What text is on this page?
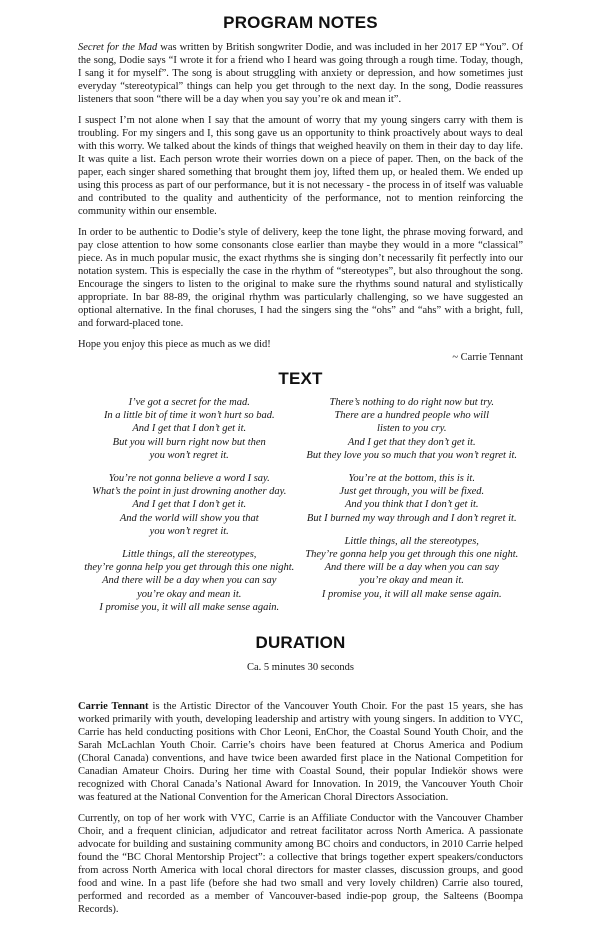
PROGRAM NOTES

Secret for the Mad was written by British songwriter Dodie, and was included in her 2017 EP “You”. Of the song, Dodie says “I wrote it for a friend who I heard was going through a rough time. Today, though, I sang it for myself”. The song is about struggling with anxiety or depression, and how sometimes just everyday “stereotypical” things can help you get through to the next day. In the song, Dodie reassures listeners that soon “there will be a day when you say you’re ok and mean it”.

I suspect I’m not alone when I say that the amount of worry that my young singers carry with them is troubling. For my singers and I, this song gave us an opportunity to think proactively about ways to deal with this worry. We talked about the kinds of things that weighed heavily on them in their day to day life. It was quite a list. Each person wrote their worries down on a piece of paper. Then, on the back of the paper, each singer shared something that brought them joy, lifted them up, or healed them. We ended up using this process as part of our performance, but it is not necessary - the process in of itself was valuable and contributed to the quality and authenticity of the performance, not to mention reinforcing the community within our ensemble.

In order to be authentic to Dodie’s style of delivery, keep the tone light, the phrase moving forward, and pay close attention to how some consonants close earlier than maybe they would in a more “classical” piece. As in much popular music, the exact rhythms she is singing don’t necessarily fit perfectly into our notation system. This is especially the case in the rhythm of “stereotypes”, but also throughout the song. Encourage the singers to listen to the original to make sure the rhythms sound natural and stylistically appropriate. In bar 88-89, the original rhythm was particularly challenging, so we have suggested an optional alternative. In the final choruses, I had the singers sing the “ohs” and “ahs” with a bright, full, and forward-placed tone.

Hope you enjoy this piece as much as we did!

~ Carrie Tennant

TEXT
I’ve got a secret for the mad.
In a little bit of time it won’t hurt so bad.
And I get that I don’t get it.
But you will burn right now but then
you won’t regret it.
You’re not gonna believe a word I say.
What’s the point in just drowning another day.
And I get that I don’t get it.
And the world will show you that
you won’t regret it.
Little things, all the stereotypes,
they’re gonna help you get through this one night.
And there will be a day when you can say
you’re okay and mean it.
I promise you, it will all make sense again.
There’s nothing to do right now but try.
There are a hundred people who will
listen to you cry.
And I get that they don’t get it.
But they love you so much that you won’t regret it.
You’re at the bottom, this is it.
Just get through, you will be fixed.
And you think that I don’t get it.
But I burned my way through and I don’t regret it.
Little things, all the stereotypes,
They’re gonna help you get through this one night.
And there will be a day when you can say
you’re okay and mean it.
I promise you, it will all make sense again.
DURATION

Ca. 5 minutes 30 seconds

Carrie Tennant is the Artistic Director of the Vancouver Youth Choir. For the past 15 years, she has worked primarily with youth, developing leadership and artistry with young singers. In addition to VYC, Carrie has held conducting positions with Chor Leoni, EnChor, the Coastal Sound Youth Choir, and the Sarah McLachlan Youth Choir. Carrie’s choirs have been featured at Chorus America and Podium (Choral Canada) conventions, and have twice been awarded first place in the National Competition for Canadian Amateur Choirs. During her time with Coastal Sound, their popular Indiekör shows were recognized with Choral Canada’s National Award for Innovation. In 2019, the Vancouver Youth Choir was featured at the National Convention for the American Choral Directors Association.

Currently, on top of her work with VYC, Carrie is an Affiliate Conductor with the Vancouver Chamber Choir, and a frequent clinician, adjudicator and retreat facilitator across North America. A passionate advocate for building and sustaining community among BC choirs and conductors, in 2010 Carrie helped found the “BC Choral Mentorship Project”: a collective that brings together expert speakers/conductors from across North America with local choral directors for master classes, discussion groups, and good food and wine. In a past life (before she had two small and very lovely children) Carrie also toured, performed and recorded as a member of Vancouver-based indie-pop group, the Salteens (Boompa Records).
